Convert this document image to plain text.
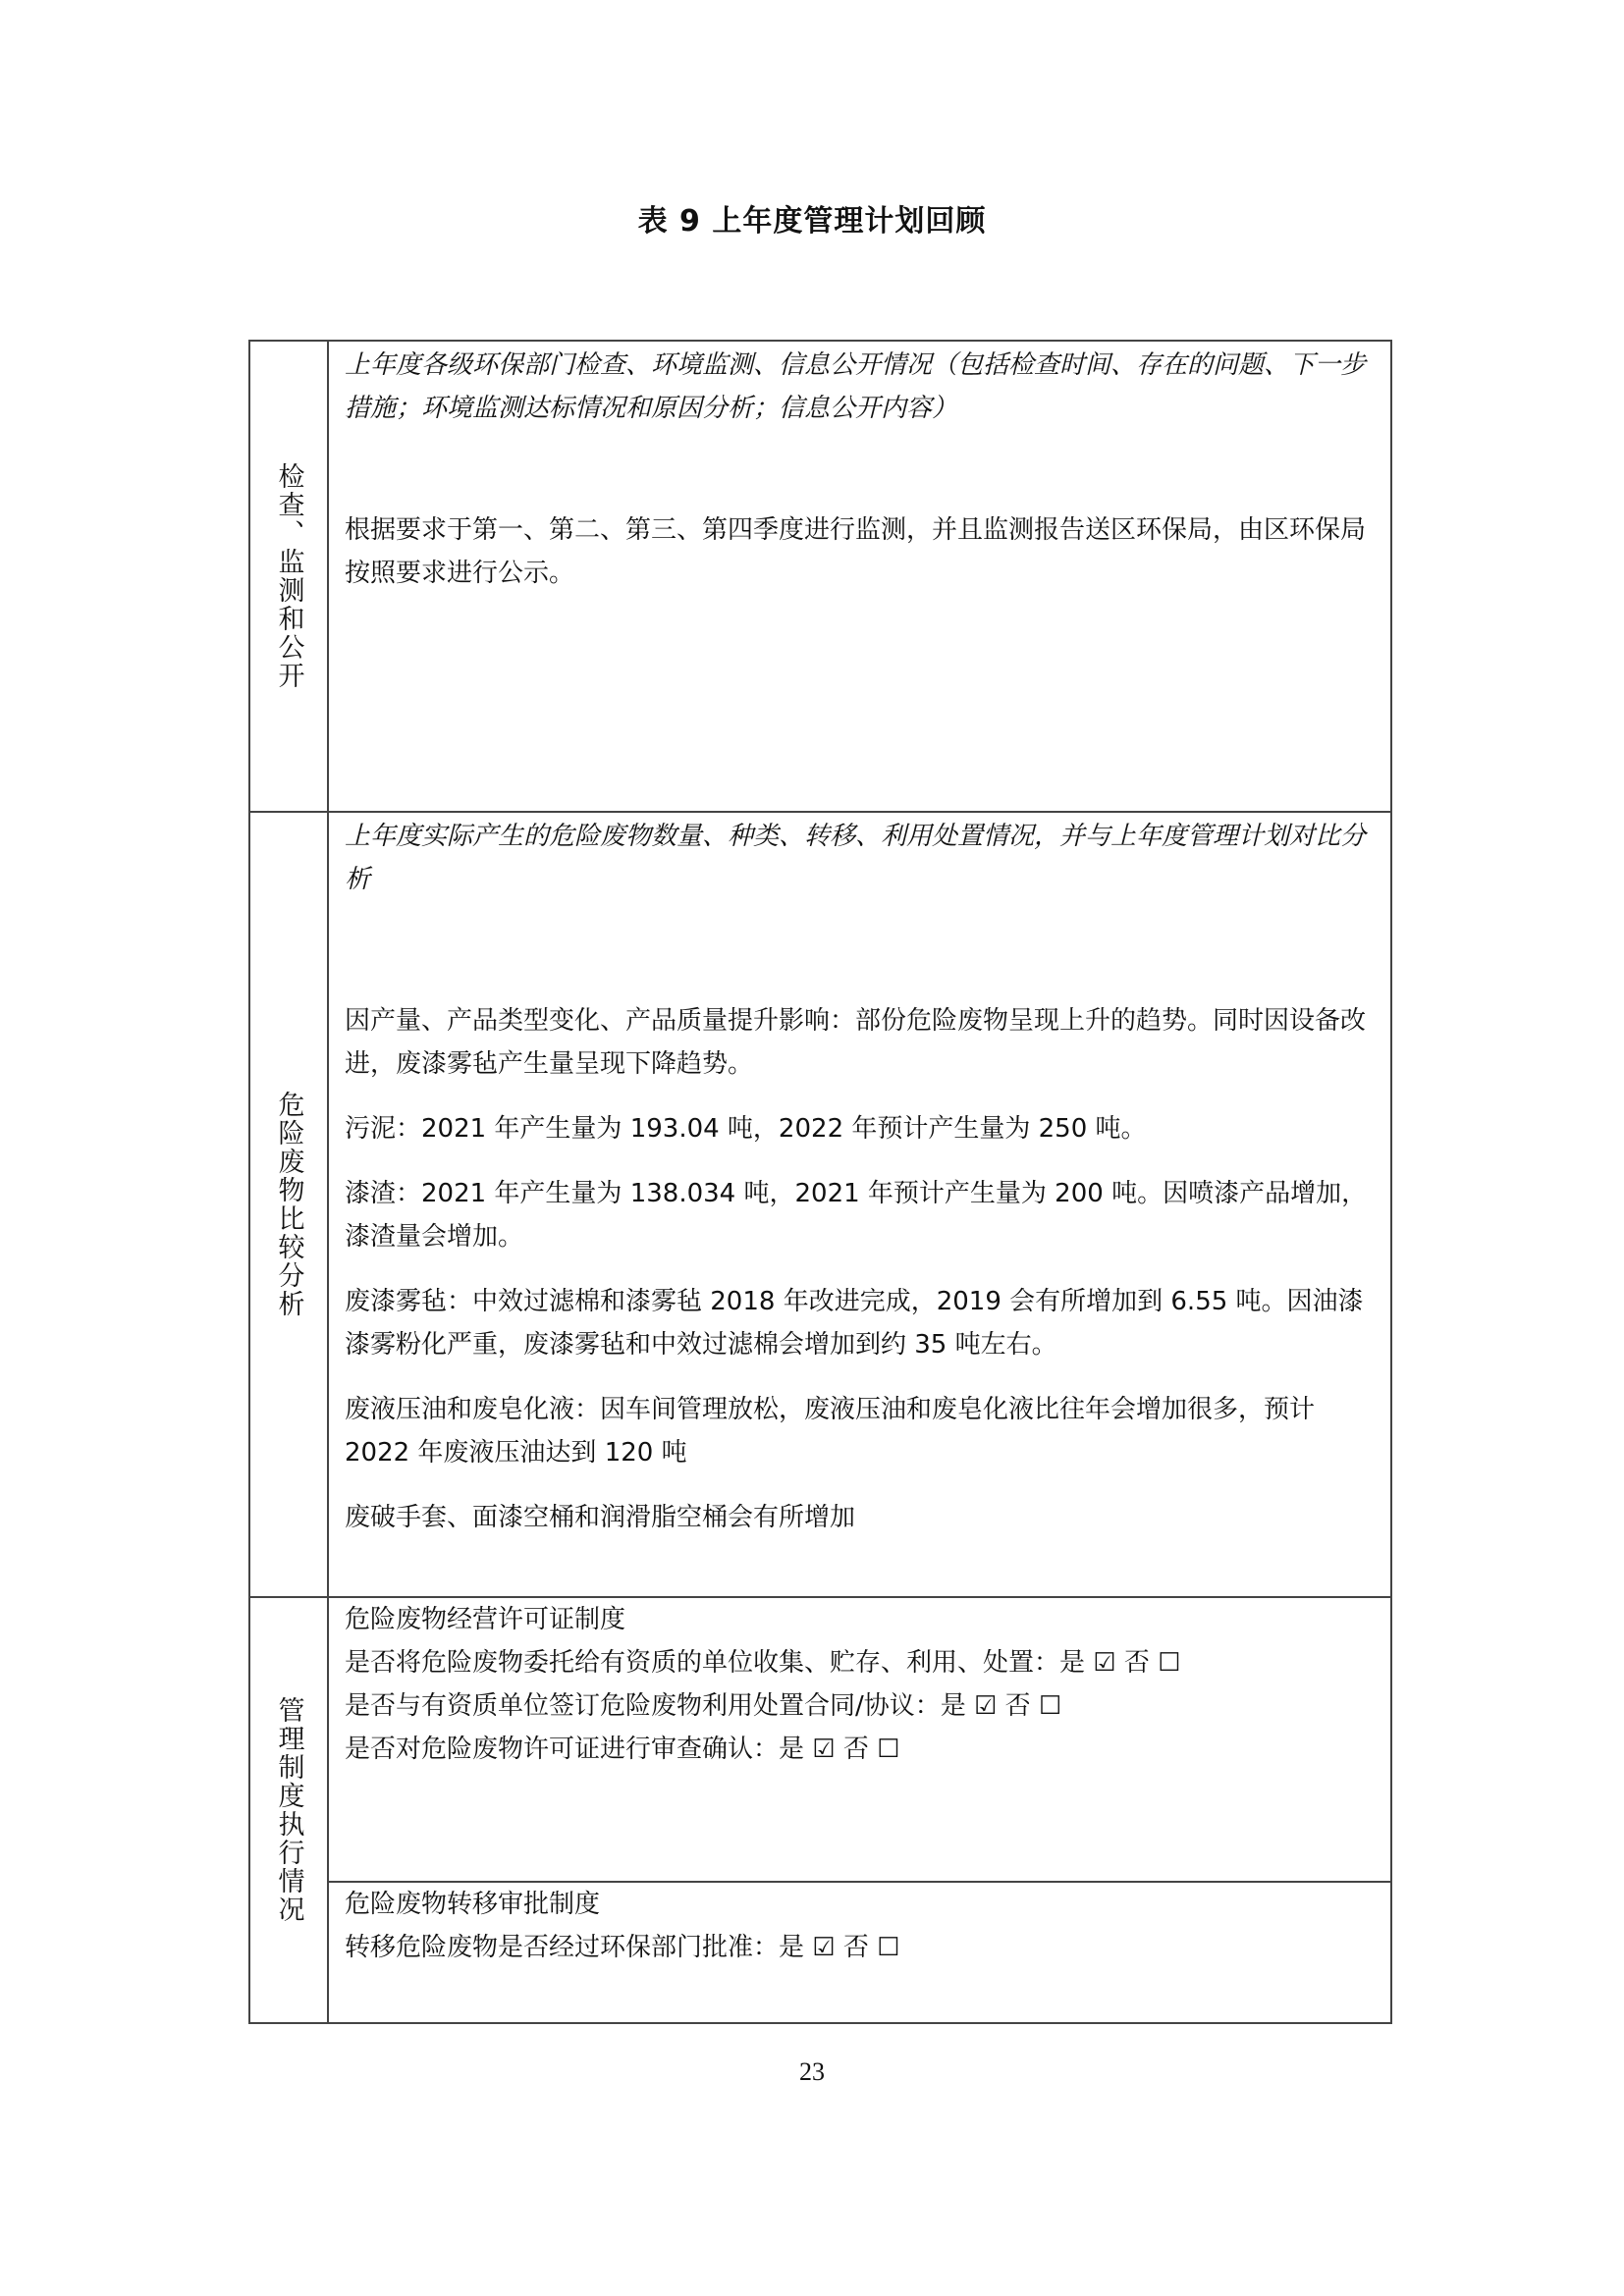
表 9 上年度管理计划回顾
检查、监测和公开

上年度各级环保部门检查、环境监测、信息公开情况（包括检查时间、存在的问题、下一步措施；环境监测达标情况和原因分析；信息公开内容）

根据要求于第一、第二、第三、第四季度进行监测，并且监测报告送区环保局，由区环保局按照要求进行公示。

危险废物比较分析

上年度实际产生的危险废物数量、种类、转移、利用处置情况，并与上年度管理计划对比分析

因产量、产品类型变化、产品质量提升影响：部份危险废物呈现上升的趋势。同时因设备改进，废漆雾毡产生量呈现下降趋势。

污泥：2021 年产生量为 193.04 吨，2022 年预计产生量为 250 吨。

漆渣：2021 年产生量为 138.034 吨，2021 年预计产生量为 200 吨。因喷漆产品增加，漆渣量会增加。

废漆雾毡：中效过滤棉和漆雾毡 2018 年改进完成，2019 会有所增加到 6.55 吨。因油漆漆雾粉化严重，废漆雾毡和中效过滤棉会增加到约 35 吨左右。

废液压油和废皂化液：因车间管理放松，废液压油和废皂化液比往年会增加很多，预计 2022 年废液压油达到 120 吨

废破手套、面漆空桶和润滑脂空桶会有所增加

管理制度执行情况

危险废物经营许可证制度

是否将危险废物委托给有资质的单位收集、贮存、利用、处置：是 ☑ 否 ☐

是否与有资质单位签订危险废物利用处置合同/协议：是 ☑ 否 ☐

是否对危险废物许可证进行审查确认：是 ☑ 否 ☐

危险废物转移审批制度

转移危险废物是否经过环保部门批准：是 ☑ 否 ☐

23
